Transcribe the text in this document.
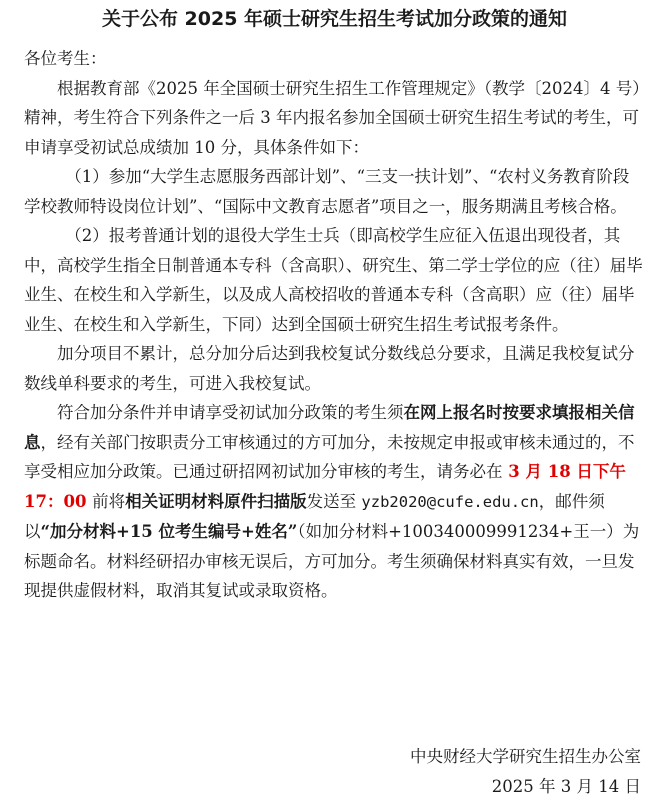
关于公布 2025 年硕士研究生招生考试加分政策的通知

各位考生：

根据教育部《2025 年全国硕士研究生招生工作管理规定》（教学〔2024〕4 号）精神，考生符合下列条件之一后 3 年内报名参加全国硕士研究生招生考试的考生，可申请享受初试总成绩加 10 分，具体条件如下：

（1）参加“大学生志愿服务西部计划”、“三支一扶计划”、“农村义务教育阶段学校教师特设岗位计划”、“国际中文教育志愿者”项目之一，服务期满且考核合格。

（2）报考普通计划的退役大学生士兵（即高校学生应征入伍退出现役者，其中，高校学生指全日制普通本专科（含高职）、研究生、第二学士学位的应（往）届毕业生、在校生和入学新生，以及成人高校招收的普通本专科（含高职）应（往）届毕业生、在校生和入学新生，下同）达到全国硕士研究生招生考试报考条件。

加分项目不累计，总分加分后达到我校复试分数线总分要求，且满足我校复试分数线单科要求的考生，可进入我校复试。

符合加分条件并申请享受初试加分政策的考生须在网上报名时按要求填报相关信息，经有关部门按职责分工审核通过的方可加分，未按规定申报或审核未通过的，不享受相应加分政策。已通过研招网初试加分审核的考生，请务必在 3 月 18 日下午 17：00 前将相关证明材料原件扫描版发送至 yzb2020@cufe.edu.cn，邮件须以“加分材料+15 位考生编号+姓名”（如加分材料+100340009991234+王一）为标题命名。材料经研招办审核无误后，方可加分。考生须确保材料真实有效，一旦发现提供虚假材料，取消其复试或录取资格。

中央财经大学研究生招生办公室
2025 年 3 月 14 日
